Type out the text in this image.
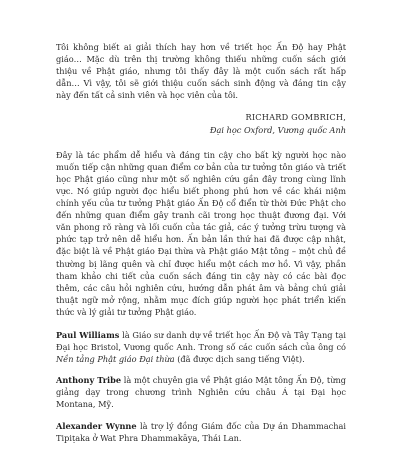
Tôi không biết ai giải thích hay hơn về triết học Ấn Độ hay Phật giáo… Mặc dù trên thị trường không thiếu những cuốn sách giới thiệu về Phật giáo, nhưng tôi thấy đây là một cuốn sách rất hấp dẫn… Vì vậy, tôi sẽ giới thiệu cuốn sách sinh động và đáng tin cậy này đến tất cả sinh viên và học viên của tôi.

RICHARD GOMBRICH,
Đại học Oxford, Vương quốc Anh

Đây là tác phẩm dễ hiểu và đáng tin cậy cho bất kỳ người học nào muốn tiếp cận những quan điểm cơ bản của tư tưởng tôn giáo và triết học Phật giáo cũng như một số nghiên cứu gần đây trong cùng lĩnh vực. Nó giúp người đọc hiểu biết phong phú hơn về các khái niệm chính yếu của tư tưởng Phật giáo Ấn Độ cổ điển từ thời Đức Phật cho đến những quan điểm gây tranh cãi trong học thuật đương đại. Với văn phong rõ ràng và lối cuốn của tác giả, các ý tưởng trừu tượng và phức tạp trở nên dễ hiểu hơn. Ấn bản lần thứ hai đã được cập nhật, đặc biệt là về Phật giáo Đại thừa và Phật giáo Mật tông – một chủ đề thường bị lãng quên và chỉ được hiểu một cách mơ hồ. Vì vậy, phần tham khảo chi tiết của cuốn sách đáng tin cậy này có các bài đọc thêm, các câu hỏi nghiên cứu, hướng dẫn phát âm và bảng chú giải thuật ngữ mở rộng, nhằm mục đích giúp người học phát triển kiến thức và lý giải tư tưởng Phật giáo.

Paul Williams là Giáo sư danh dự về triết học Ấn Độ và Tây Tạng tại Đại học Bristol, Vương quốc Anh. Trong số các cuốn sách của ông có Nền tảng Phật giáo Đại thừa (đã được dịch sang tiếng Việt).

Anthony Tribe là một chuyên gia về Phật giáo Mật tông Ấn Độ, từng giảng dạy trong chương trình Nghiên cứu châu Á tại Đại học Montana, Mỹ.

Alexander Wynne là trợ lý đồng Giám đốc của Dự án Dhammachai Tipiṭaka ở Wat Phra Dhammakāya, Thái Lan.
